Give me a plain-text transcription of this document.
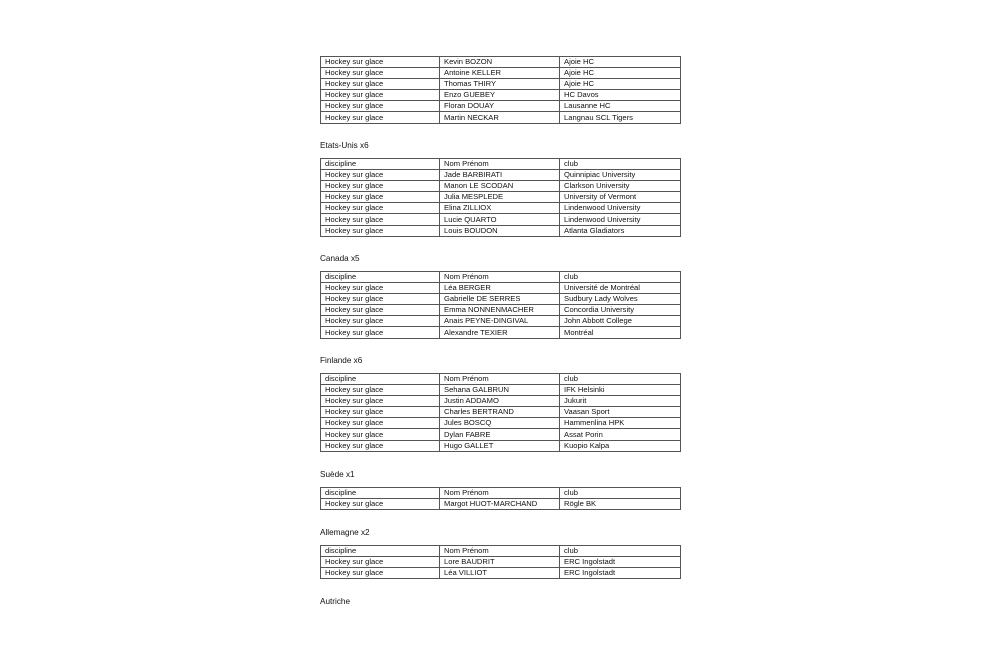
Hockey sur glace	Kevin BOZON	Ajoie HC
Hockey sur glace	Antoine KELLER	Ajoie HC
Hockey sur glace	Thomas THIRY	Ajoie HC
Hockey sur glace	Enzo GUEBEY	HC Davos
Hockey sur glace	Floran DOUAY	Lausanne HC
Hockey sur glace	Martin NECKAR	Langnau SCL Tigers
Etats-Unis x6
discipline	Nom Prénom	club
Hockey sur glace	Jade BARBIRATI	Quinnipiac University
Hockey sur glace	Manon LE SCODAN	Clarkson University
Hockey sur glace	Julia MESPLEDE	University of Vermont
Hockey sur glace	Elina ZILLIOX	Lindenwood University
Hockey sur glace	Lucie QUARTO	Lindenwood University
Hockey sur glace	Louis BOUDON	Atlanta Gladiators
Canada x5
discipline	Nom Prénom	club
Hockey sur glace	Léa BERGER	Université de Montréal
Hockey sur glace	Gabrielle DE SERRES	Sudbury Lady Wolves
Hockey sur glace	Emma NONNENMACHER	Concordia University
Hockey sur glace	Anais PEYNE-DINGIVAL	John Abbott College
Hockey sur glace	Alexandre TEXIER	Montréal
Finlande x6
discipline	Nom Prénom	club
Hockey sur glace	Sehana GALBRUN	IFK Helsinki
Hockey sur glace	Justin ADDAMO	Jukurit
Hockey sur glace	Charles BERTRAND	Vaasan Sport
Hockey sur glace	Jules BOSCQ	Hammenlina HPK
Hockey sur glace	Dylan FABRE	Assat Porin
Hockey sur glace	Hugo GALLET	Kuopio Kalpa
Suède x1
discipline	Nom Prénom	club
Hockey sur glace	Margot HUOT-MARCHAND	Rögle BK
Allemagne x2
discipline	Nom Prénom	club
Hockey sur glace	Lore BAUDRIT	ERC Ingolstadt
Hockey sur glace	Léa VILLIOT	ERC Ingolstadt
Autriche
